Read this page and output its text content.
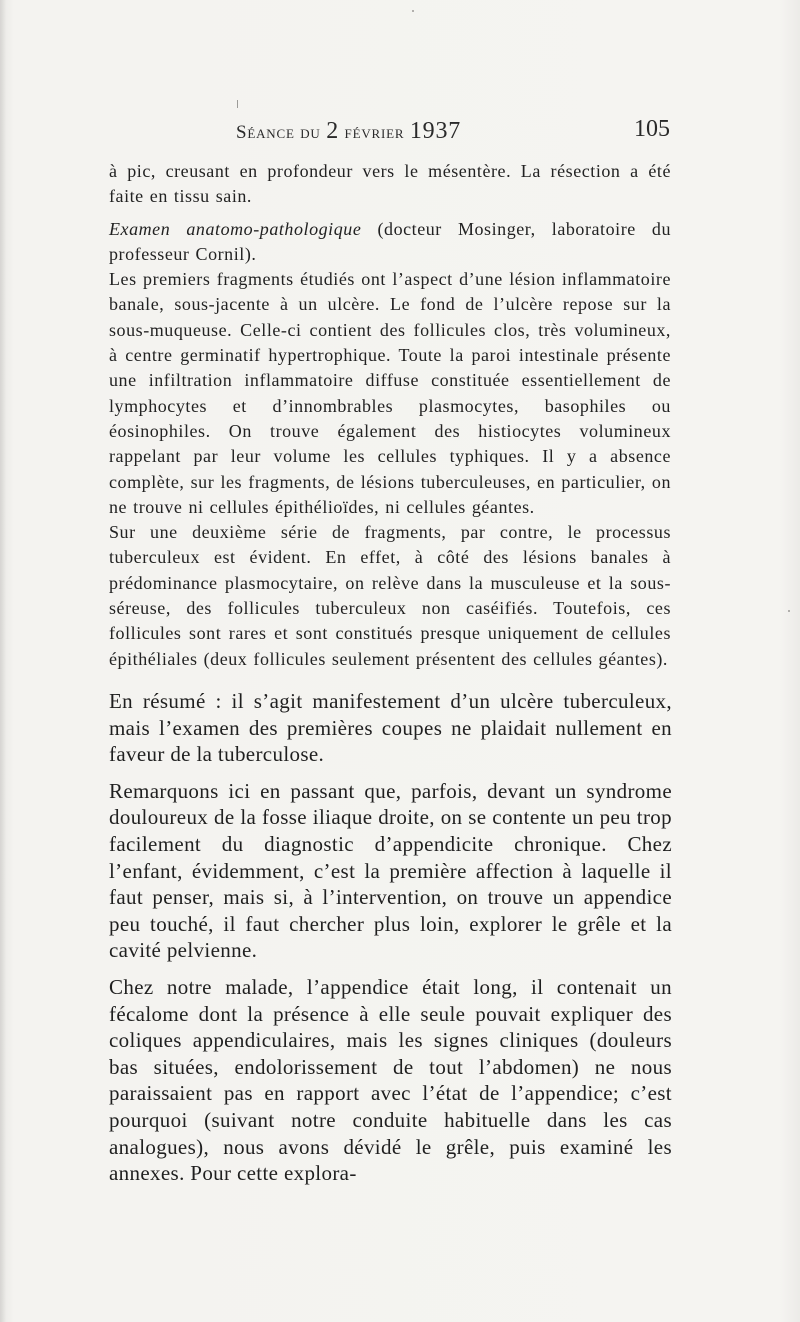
Séance du 2 février 1937	105

à pic, creusant en profondeur vers le mésentère. La résection a été faite en tissu sain.

Examen anatomo-pathologique (docteur Mosinger, laboratoire du professeur Cornil).

Les premiers fragments étudiés ont l’aspect d’une lésion inflammatoire banale, sous-jacente à un ulcère. Le fond de l’ulcère repose sur la sous-muqueuse. Celle-ci contient des follicules clos, très volumineux, à centre germinatif hypertrophique. Toute la paroi intestinale présente une infiltration inflammatoire diffuse constituée essentiellement de lymphocytes et d’innombrables plasmocytes, basophiles ou éosinophiles. On trouve également des histiocytes volumineux rappelant par leur volume les cellules typhiques. Il y a absence complète, sur les fragments, de lésions tuberculeuses, en particulier, on ne trouve ni cellules épithélioïdes, ni cellules géantes.

Sur une deuxième série de fragments, par contre, le processus tuberculeux est évident. En effet, à côté des lésions banales à prédominance plasmocytaire, on relève dans la musculeuse et la sous-séreuse, des follicules tuberculeux non caséifiés. Toutefois, ces follicules sont rares et sont constitués presque uniquement de cellules épithéliales (deux follicules seulement présentent des cellules géantes).

En résumé : il s’agit manifestement d’un ulcère tuberculeux, mais l’examen des premières coupes ne plaidait nullement en faveur de la tuberculose.

Remarquons ici en passant que, parfois, devant un syndrome douloureux de la fosse iliaque droite, on se contente un peu trop facilement du diagnostic d’appendicite chronique. Chez l’enfant, évidemment, c’est la première affection à laquelle il faut penser, mais si, à l’intervention, on trouve un appendice peu touché, il faut chercher plus loin, explorer le grêle et la cavité pelvienne.

Chez notre malade, l’appendice était long, il contenait un fécalome dont la présence à elle seule pouvait expliquer des coliques appendiculaires, mais les signes cliniques (douleurs bas situées, endolorissement de tout l’abdomen) ne nous paraissaient pas en rapport avec l’état de l’appendice; c’est pourquoi (suivant notre conduite habituelle dans les cas analogues), nous avons dévidé le grêle, puis examiné les annexes. Pour cette explora-
